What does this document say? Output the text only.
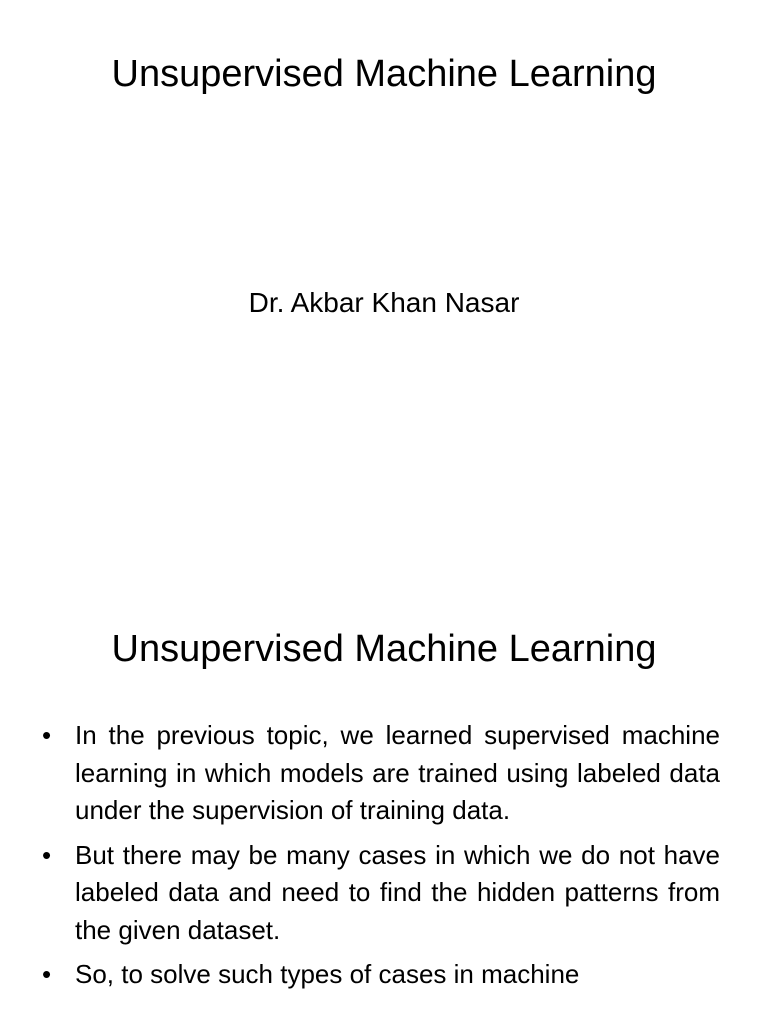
Unsupervised Machine Learning
Dr. Akbar Khan Nasar
Unsupervised Machine Learning
• In the previous topic, we learned supervised machine learning in which models are trained using labeled data under the supervision of training data.
• But there may be many cases in which we do not have labeled data and need to find the hidden patterns from the given dataset.
• So, to solve such types of cases in machine
